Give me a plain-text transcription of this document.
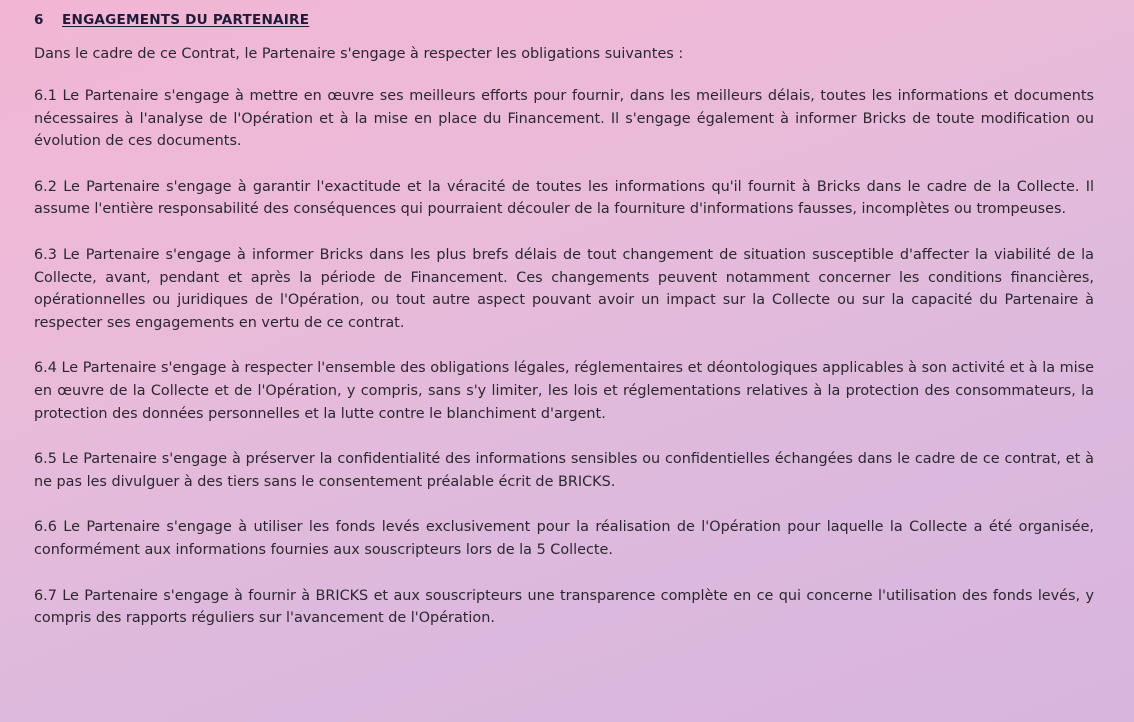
6	ENGAGEMENTS DU PARTENAIRE

Dans le cadre de ce Contrat, le Partenaire s'engage à respecter les obligations suivantes :

6.1 Le Partenaire s'engage à mettre en œuvre ses meilleurs efforts pour fournir, dans les meilleurs délais, toutes les informations et documents nécessaires à l'analyse de l'Opération et à la mise en place du Financement. Il s'engage également à informer Bricks de toute modification ou évolution de ces documents.

6.2 Le Partenaire s'engage à garantir l'exactitude et la véracité de toutes les informations qu'il fournit à Bricks dans le cadre de la Collecte. Il assume l'entière responsabilité des conséquences qui pourraient découler de la fourniture d'informations fausses, incomplètes ou trompeuses.

6.3 Le Partenaire s'engage à informer Bricks dans les plus brefs délais de tout changement de situation susceptible d'affecter la viabilité de la Collecte, avant, pendant et après la période de Financement. Ces changements peuvent notamment concerner les conditions financières, opérationnelles ou juridiques de l'Opération, ou tout autre aspect pouvant avoir un impact sur la Collecte ou sur la capacité du Partenaire à respecter ses engagements en vertu de ce contrat.

6.4 Le Partenaire s'engage à respecter l'ensemble des obligations légales, réglementaires et déontologiques applicables à son activité et à la mise en œuvre de la Collecte et de l'Opération, y compris, sans s'y limiter, les lois et réglementations relatives à la protection des consommateurs, la protection des données personnelles et la lutte contre le blanchiment d'argent.

6.5 Le Partenaire s'engage à préserver la confidentialité des informations sensibles ou confidentielles échangées dans le cadre de ce contrat, et à ne pas les divulguer à des tiers sans le consentement préalable écrit de BRICKS.

6.6 Le Partenaire s'engage à utiliser les fonds levés exclusivement pour la réalisation de l'Opération pour laquelle la Collecte a été organisée, conformément aux informations fournies aux souscripteurs lors de la 5 Collecte.

6.7 Le Partenaire s'engage à fournir à BRICKS et aux souscripteurs une transparence complète en ce qui concerne l'utilisation des fonds levés, y compris des rapports réguliers sur l'avancement de l'Opération.
